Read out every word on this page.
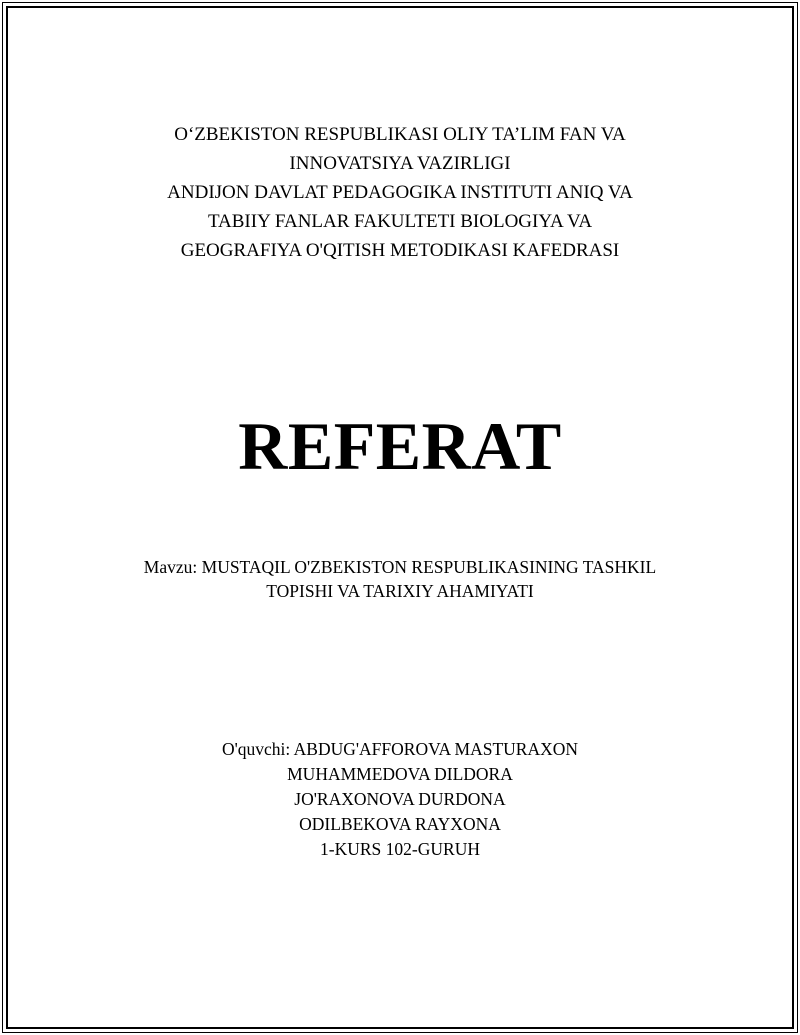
O‘ZBEKISTON RESPUBLIKASI OLIY TA’LIM FAN VA
INNOVATSIYA VAZIRLIGI
ANDIJON DAVLAT PEDAGOGIKA INSTITUTI ANIQ VA
TABIIY FANLAR FAKULTETI BIOLOGIYA VA
GEOGRAFIYA O'QITISH METODIKASI KAFEDRASI
REFERAT
Mavzu: MUSTAQIL O'ZBEKISTON RESPUBLIKASINING TASHKIL
TOPISHI VA TARIXIY AHAMIYATI
O'quvchi: ABDUG'AFFOROVA MASTURAXON
MUHAMMEDOVA DILDORA
JO'RAXONOVA DURDONA
ODILBEKOVA RAYXONA
1-KURS 102-GURUH
